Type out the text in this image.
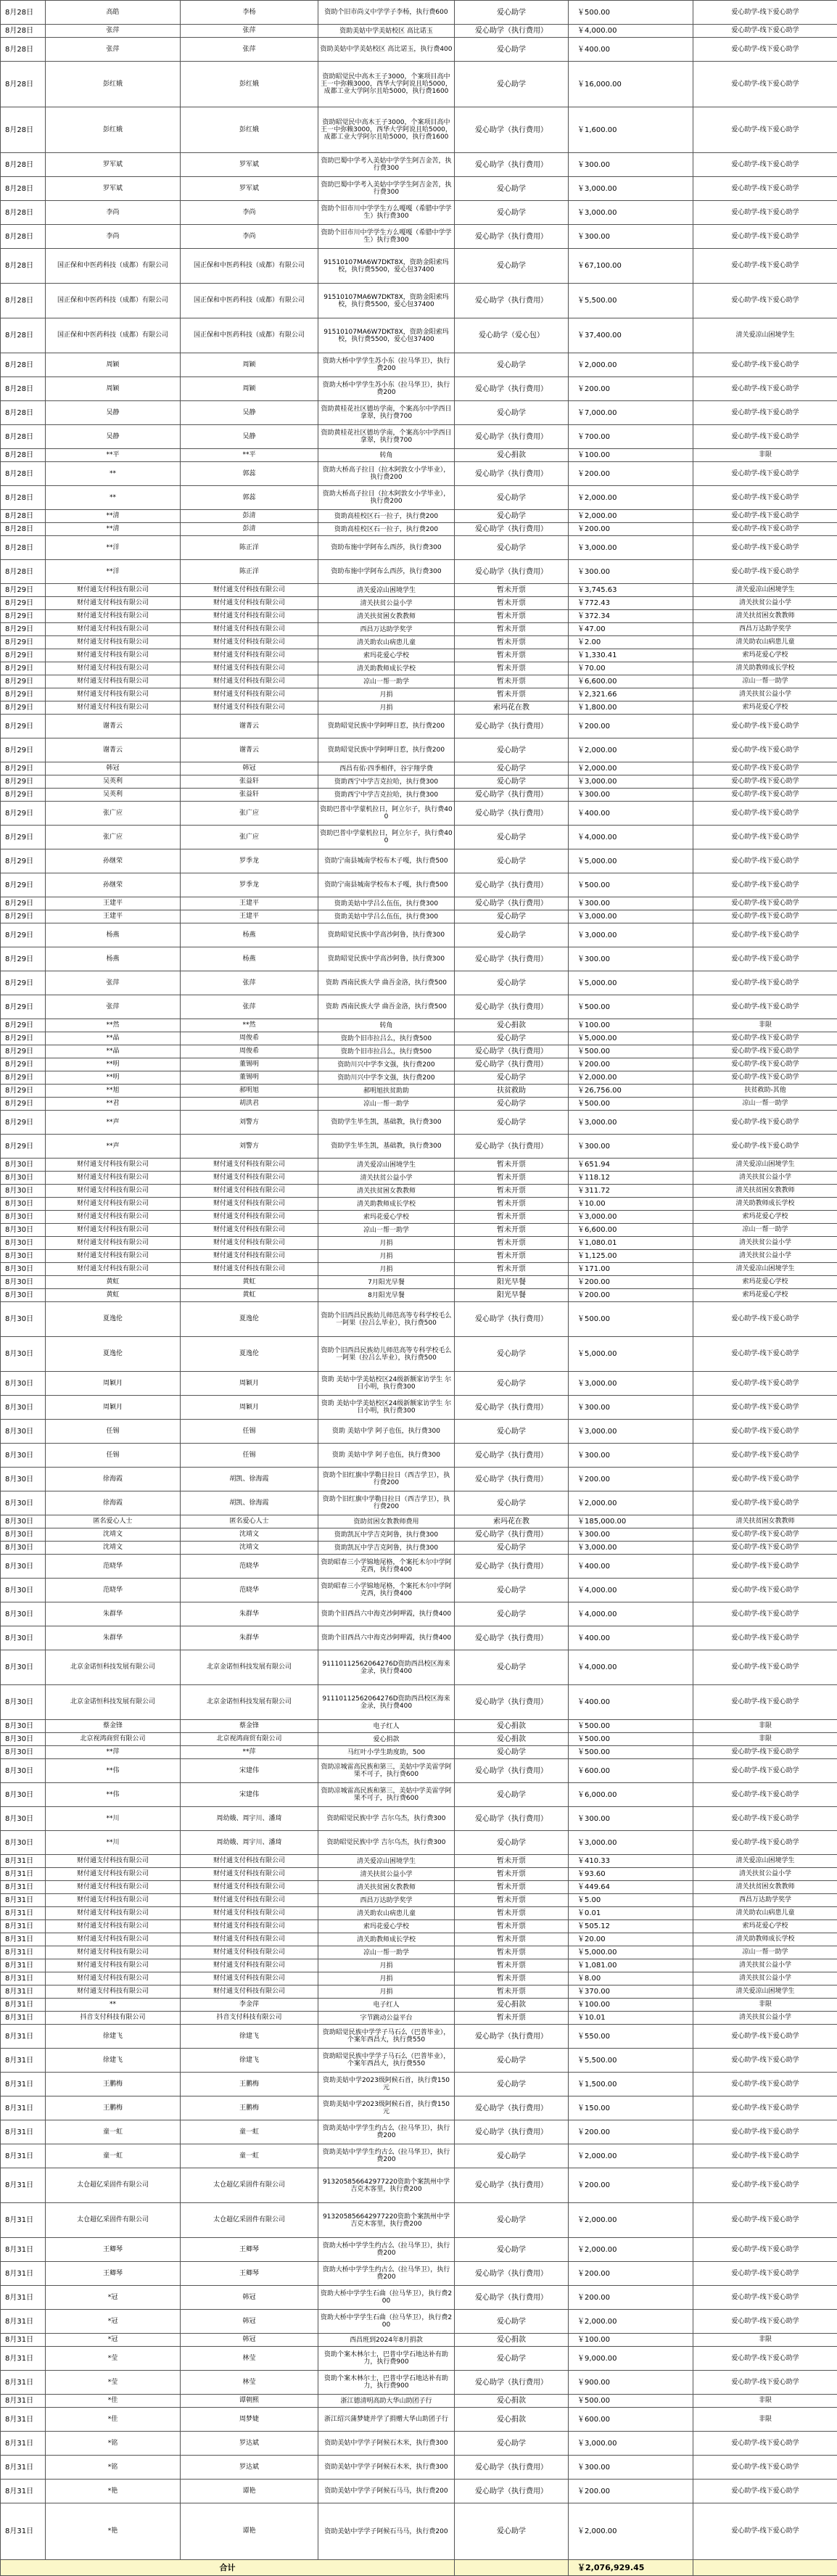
8月28日	高皓	李杨	资助个旧市尚义中学学子李杨，执行费600	爱心助学	￥500.00	爱心助学-线下爱心助学
8月28日	张萍	张萍	资助美姑中学美姑校区 高比诺玉	爱心助学（执行费用）	￥4,000.00	爱心助学-线下爱心助学
8月28日	张萍	张萍	资助美姑中学美姑校区 高比诺玉，执行费400	爱心助学	￥400.00	爱心助学-线下爱心助学
8月28日	彭红娥	彭红娥	资助昭觉民中高木王子3000，个案项目高中王一中弥赖3000，西华大学阿说且哈5000，成都工业大学阿尔且哈5000，执行费1600	爱心助学	￥16,000.00	爱心助学-线下爱心助学
8月28日	彭红娥	彭红娥	资助昭觉民中高木王子3000，个案项目高中王一中弥赖3000，西华大学阿说且哈5000，成都工业大学阿尔且哈5000，执行费1600	爱心助学（执行费用）	￥1,600.00	爱心助学-线下爱心助学
8月28日	罗军斌	罗军斌	资助巴蜀中学考入美姑中学学生阿吉金苦，执行费300	爱心助学（执行费用）	￥300.00	爱心助学-线下爱心助学
8月28日	罗军斌	罗军斌	资助巴蜀中学考入美姑中学学生阿吉金苦，执行费300	爱心助学	￥3,000.00	爱心助学-线下爱心助学
8月28日	李尚	李尚	资助个旧市川中学学生方么嘎嘎（希腊中学学生）执行费300	爱心助学	￥3,000.00	爱心助学-线下爱心助学
8月28日	李尚	李尚	资助个旧市川中学学生方么嘎嘎（希腊中学学生）执行费300	爱心助学（执行费用）	￥300.00	爱心助学-线下爱心助学
8月28日	国正保和中医药科技（成都）有限公司	国正保和中医药科技（成都）有限公司	91510107MA6W7DKT8X，资助金阳索玛校，执行费5500，爱心包37400	爱心助学	￥67,100.00	爱心助学-线下爱心助学
8月28日	国正保和中医药科技（成都）有限公司	国正保和中医药科技（成都）有限公司	91510107MA6W7DKT8X，资助金阳索玛校，执行费5500，爱心包37400	爱心助学（执行费用）	￥5,500.00	爱心助学-线下爱心助学
8月28日	国正保和中医药科技（成都）有限公司	国正保和中医药科技（成都）有限公司	91510107MA6W7DKT8X，资助金阳索玛校，执行费5500，爱心包37400	爱心助学（爱心包）	￥37,400.00	清关爱凉山困境学生
8月28日	周颖	周颖	资助大桥中学学生苏小东（拉马华卫），执行费200	爱心助学	￥2,000.00	爱心助学-线下爱心助学
8月28日	周颖	周颖	资助大桥中学学生苏小东（拉马华卫），执行费200	爱心助学（执行费用）	￥200.00	爱心助学-线下爱心助学
8月28日	吴静	吴静	资助黄桂花社区德坊学南，个案高尔中学西日拿翠，执行费700	爱心助学	￥7,000.00	爱心助学-线下爱心助学
8月28日	吴静	吴静	资助黄桂花社区德坊学南，个案高尔中学西日拿翠，执行费700	爱心助学（执行费用）	￥700.00	爱心助学-线下爱心助学
8月28日	**平	**平	转角	爱心捐款	￥100.00	非限
8月28日	**	郭蕊	资助大桥高子拉日（拉木阿敦女小学毕业），执行费200	爱心助学（执行费用）	￥200.00	爱心助学-线下爱心助学
8月28日	**	郭蕊	资助大桥高子拉日（拉木阿敦女小学毕业），执行费200	爱心助学	￥2,000.00	爱心助学-线下爱心助学
8月28日	**清	彭清	资助高桂校区石一拉子，执行费200	爱心助学	￥2,000.00	爱心助学-线下爱心助学
8月28日	**清	彭清	资助高桂校区石一拉子，执行费200	爱心助学（执行费用）	￥200.00	爱心助学-线下爱心助学
8月28日	**洋	陈正洋	资助布施中学阿布么西莎，执行费300	爱心助学	￥3,000.00	爱心助学-线下爱心助学
8月28日	**洋	陈正洋	资助布施中学阿布么西莎，执行费300	爱心助学（执行费用）	￥300.00	爱心助学-线下爱心助学
8月29日	财付通支付科技有限公司	财付通支付科技有限公司	清关爱凉山困境学生	暂未开票	￥3,745.63	清关爱凉山困境学生
8月29日	财付通支付科技有限公司	财付通支付科技有限公司	清关扶贫公益小学	暂未开票	￥772.43	清关扶贫公益小学
8月29日	财付通支付科技有限公司	财付通支付科技有限公司	清关扶贫困女教教师	暂未开票	￥372.34	清关扶贫困女教教师
8月29日	财付通支付科技有限公司	财付通支付科技有限公司	西昌万达助学奖学	暂未开票	￥47.00	西昌万达助学奖学
8月29日	财付通支付科技有限公司	财付通支付科技有限公司	清关助农山病患儿童	暂未开票	￥2.00	清关助农山病患儿童
8月29日	财付通支付科技有限公司	财付通支付科技有限公司	索玛花爱心学校	暂未开票	￥1,330.41	索玛花爱心学校
8月29日	财付通支付科技有限公司	财付通支付科技有限公司	清关助教师成长学校	暂未开票	￥70.00	清关助教师成长学校
8月29日	财付通支付科技有限公司	财付通支付科技有限公司	凉山一帮一助学	暂未开票	￥6,600.00	凉山一帮一助学
8月29日	财付通支付科技有限公司	财付通支付科技有限公司	月捐	暂未开票	￥2,321.66	清关扶贫公益小学
8月29日	财付通支付科技有限公司	财付通支付科技有限公司	月捐	索玛花在教	￥1,800.00	索玛花爱心学校
8月29日	谢菁云	谢菁云	资助昭觉民族中学阿呷日惹，执行费200	爱心助学（执行费用）	￥200.00	爱心助学-线下爱心助学
8月29日	谢菁云	谢菁云	资助昭觉民族中学阿呷日惹，执行费200	爱心助学	￥2,000.00	爱心助学-线下爱心助学
8月29日	韩冠	韩冠	西昌有佑·四季相伴，谷宇翔学费	爱心助学	￥2,000.00	爱心助学-线下爱心助学
8月29日	吴英利	张益轩	资助西宁中学吉克拉哈，执行费300	爱心助学	￥3,000.00	爱心助学-线下爱心助学
8月29日	吴英利	张益轩	资助西宁中学吉克拉哈，执行费300	爱心助学（执行费用）	￥300.00	爱心助学-线下爱心助学
8月29日	张广应	张广应	资助巴普中学蒙机拉日，阿立尔子，执行费400	爱心助学（执行费用）	￥400.00	爱心助学-线下爱心助学
8月29日	张广应	张广应	资助巴普中学蒙机拉日，阿立尔子，执行费400	爱心助学	￥4,000.00	爱心助学-线下爱心助学
8月29日	孙继荣	罗季龙	资助宁南县城南学校布木子嘎，执行费500	爱心助学	￥5,000.00	爱心助学-线下爱心助学
8月29日	孙继荣	罗季龙	资助宁南县城南学校布木子嘎，执行费500	爱心助学（执行费用）	￥500.00	爱心助学-线下爱心助学
8月29日	王建平	王建平	资助美姑中学吕么伍伍，执行费300	爱心助学（执行费用）	￥300.00	爱心助学-线下爱心助学
8月29日	王建平	王建平	资助美姑中学吕么伍伍，执行费300	爱心助学	￥3,000.00	爱心助学-线下爱心助学
8月29日	杨燕	杨燕	资助昭觉民族中学高沙阿鲁，执行费300	爱心助学	￥3,000.00	爱心助学-线下爱心助学
8月29日	杨燕	杨燕	资助昭觉民族中学高沙阿鲁，执行费300	爱心助学（执行费用）	￥300.00	爱心助学-线下爱心助学
8月29日	张萍	张萍	资助 西南民族大学 曲吾金洛，执行费500	爱心助学	￥5,000.00	爱心助学-线下爱心助学
8月29日	张萍	张萍	资助 西南民族大学 曲吾金洛，执行费500	爱心助学（执行费用）	￥500.00	爱心助学-线下爱心助学
8月29日	**然	**然	转角	爱心捐款	￥100.00	非限
8月29日	**晶	周俊希	资助个旧市拉吕么，执行费500	爱心助学	￥5,000.00	爱心助学-线下爱心助学
8月29日	**晶	周俊希	资助个旧市拉吕么，执行费500	爱心助学（执行费用）	￥500.00	爱心助学-线下爱心助学
8月29日	**明	董锡明	资助川兴中学李文强，执行费200	爱心助学（执行费用）	￥200.00	爱心助学-线下爱心助学
8月29日	**明	董锡明	资助川兴中学李文强，执行费200	爱心助学	￥2,000.00	爱心助学-线下爱心助学
8月29日	**旭	郝明旭	郝明旭扶贫助助	扶贫救助	￥26,756.00	扶贫救助-其他
8月29日	**君	胡洪君	凉山一帮一助学	爱心助学	￥500.00	凉山一帮一助学
8月29日	**声	刘警方	资助学生毕生凯，基础教，执行费300	爱心助学	￥3,000.00	爱心助学-线下爱心助学
8月29日	**声	刘警方	资助学生毕生凯，基础教，执行费300	爱心助学（执行费用）	￥300.00	爱心助学-线下爱心助学
8月30日	财付通支付科技有限公司	财付通支付科技有限公司	清关爱凉山困境学生	暂未开票	￥651.94	清关爱凉山困境学生
8月30日	财付通支付科技有限公司	财付通支付科技有限公司	清关扶贫公益小学	暂未开票	￥118.12	清关扶贫公益小学
8月30日	财付通支付科技有限公司	财付通支付科技有限公司	清关扶贫困女教教师	暂未开票	￥311.72	清关扶贫困女教教师
8月30日	财付通支付科技有限公司	财付通支付科技有限公司	清关助教师成长学校	暂未开票	￥10.00	清关助教师成长学校
8月30日	财付通支付科技有限公司	财付通支付科技有限公司	索玛花爱心学校	暂未开票	￥3,000.00	索玛花爱心学校
8月30日	财付通支付科技有限公司	财付通支付科技有限公司	凉山一帮一助学	暂未开票	￥6,600.00	凉山一帮一助学
8月30日	财付通支付科技有限公司	财付通支付科技有限公司	月捐	暂未开票	￥1,080.01	清关扶贫公益小学
8月30日	财付通支付科技有限公司	财付通支付科技有限公司	月捐	暂未开票	￥1,125.00	清关扶贫公益小学
8月30日	财付通支付科技有限公司	财付通支付科技有限公司	月捐	暂未开票	￥171.00	清关爱凉山困境学生
8月30日	黄虹	黄虹	7月阳光早餐	阳光早餐	￥200.00	索玛花爱心学校
8月30日	黄虹	黄虹	8月阳光早餐	阳光早餐	￥200.00	索玛花爱心学校
8月30日	夏逸伦	夏逸伦	资助个旧西昌民族幼儿师范高等专科学校毛么一阿果（拉吕么毕业），执行费500	爱心助学（执行费用）	￥500.00	爱心助学-线下爱心助学
8月30日	夏逸伦	夏逸伦	资助个旧西昌民族幼儿师范高等专科学校毛么一阿果（拉吕么毕业），执行费500	爱心助学	￥5,000.00	爱心助学-线下爱心助学
8月30日	周颖月	周颖月	资助 美姑中学美姑校区24级新额家访学生 尔日小明，执行费300	爱心助学	￥3,000.00	爱心助学-线下爱心助学
8月30日	周颖月	周颖月	资助 美姑中学美姑校区24级新额家访学生 尔日小明，执行费300	爱心助学（执行费用）	￥300.00	爱心助学-线下爱心助学
8月30日	任锡	任锡	资助 美姑中学 阿子也伍，执行费300	爱心助学	￥3,000.00	爱心助学-线下爱心助学
8月30日	任锡	任锡	资助 美姑中学 阿子也伍，执行费300	爱心助学（执行费用）	￥300.00	爱心助学-线下爱心助学
8月30日	徐海霞	胡凯、徐海霞	资助个旧红旗中学勒日拉日（西吉学卫），执行费200	爱心助学（执行费用）	￥200.00	爱心助学-线下爱心助学
8月30日	徐海霞	胡凯、徐海霞	资助个旧红旗中学勒日拉日（西吉学卫），执行费200	爱心助学	￥2,000.00	爱心助学-线下爱心助学
8月30日	匿名爱心人士	匿名爱心人士	资助贫困女教教师费用	索玛花在教	￥185,000.00	清关扶贫困女教教师
8月30日	沈靖文	沈靖文	资助凯瓦中学吉克阿鲁，执行费300	爱心助学（执行费用）	￥300.00	爱心助学-线下爱心助学
8月30日	沈靖文	沈靖文	资助凯瓦中学吉克阿鲁，执行费300	爱心助学	￥3,000.00	爱心助学-线下爱心助学
8月30日	范晓华	范晓华	资助昭春三小学锦地尾格，个案托木尔中学阿克西，执行费400	爱心助学（执行费用）	￥400.00	爱心助学-线下爱心助学
8月30日	范晓华	范晓华	资助昭春三小学锦地尾格，个案托木尔中学阿克西，执行费400	爱心助学	￥4,000.00	爱心助学-线下爱心助学
8月30日	朱群华	朱群华	资助个旧西昌六中海克沙阿呷霞，执行费400	爱心助学	￥4,000.00	爱心助学-线下爱心助学
8月30日	朱群华	朱群华	资助个旧西昌六中海克沙阿呷霞，执行费400	爱心助学（执行费用）	￥400.00	爱心助学-线下爱心助学
8月30日	北京金诺恒科技发展有限公司	北京金诺恒科技发展有限公司	91110112562064276D资助西昌校区海来金录，执行费400	爱心助学	￥4,000.00	爱心助学-线下爱心助学
8月30日	北京金诺恒科技发展有限公司	北京金诺恒科技发展有限公司	91110112562064276D资助西昌校区海来金录，执行费400	爱心助学（执行费用）	￥400.00	爱心助学-线下爱心助学
8月30日	蔡金锋	蔡金锋	电子红人	爱心捐款	￥500.00	非限
8月30日	北京视鸿商贸有限公司	北京视鸿商贸有限公司	爱心捐款	爱心捐款	￥500.00	非限
8月30日	**萍	**萍	马红叶小学生助度助，500	爱心助学	￥500.00	爱心助学-线下爱心助学
8月30日	**伟	宋建伟	资助凉城雷高民族和第三，美姑中学美雷学阿果不可子，执行费600	爱心助学（执行费用）	￥600.00	爱心助学-线下爱心助学
8月30日	**伟	宋建伟	资助凉城雷高民族和第三，美姑中学美雷学阿果不可子，执行费600	爱心助学	￥6,000.00	爱心助学-线下爱心助学
8月30日	**川	周幼娥、周宇川、潘琦	资助昭觉民族中学 吉尔乌杰，执行费300	爱心助学（执行费用）	￥300.00	爱心助学-线下爱心助学
8月30日	**川	周幼娥、周宇川、潘琦	资助昭觉民族中学 吉尔乌杰，执行费300	爱心助学	￥3,000.00	爱心助学-线下爱心助学
8月31日	财付通支付科技有限公司	财付通支付科技有限公司	清关爱凉山困境学生	暂未开票	￥410.33	清关爱凉山困境学生
8月31日	财付通支付科技有限公司	财付通支付科技有限公司	清关扶贫公益小学	暂未开票	￥93.60	清关扶贫公益小学
8月31日	财付通支付科技有限公司	财付通支付科技有限公司	清关扶贫困女教教师	暂未开票	￥449.64	清关扶贫困女教教师
8月31日	财付通支付科技有限公司	财付通支付科技有限公司	西昌万达助学奖学	暂未开票	￥5.00	西昌万达助学奖学
8月31日	财付通支付科技有限公司	财付通支付科技有限公司	清关助农山病患儿童	暂未开票	￥0.01	清关助农山病患儿童
8月31日	财付通支付科技有限公司	财付通支付科技有限公司	索玛花爱心学校	暂未开票	￥505.12	索玛花爱心学校
8月31日	财付通支付科技有限公司	财付通支付科技有限公司	清关助教师成长学校	暂未开票	￥20.00	清关助教师成长学校
8月31日	财付通支付科技有限公司	财付通支付科技有限公司	凉山一帮一助学	暂未开票	￥5,000.00	凉山一帮一助学
8月31日	财付通支付科技有限公司	财付通支付科技有限公司	月捐	暂未开票	￥1,081.00	清关扶贫公益小学
8月31日	财付通支付科技有限公司	财付通支付科技有限公司	月捐	暂未开票	￥8.00	清关扶贫公益小学
8月31日	财付通支付科技有限公司	财付通支付科技有限公司	月捐	暂未开票	￥370.00	清关爱凉山困境学生
8月31日	**	李金萍	电子红人	爱心捐款	￥100.00	非限
8月31日	抖音支付科技有限公司	抖音支付科技有限公司	字节跳动公益平台	暂未开票	￥10.01	清关扶贫公益小学
8月31日	徐建飞	徐建飞	资助昭觉民族中学学子马石么（巴普毕业），个案年西昌大，执行费550	爱心助学（执行费用）	￥550.00	爱心助学-线下爱心助学
8月31日	徐建飞	徐建飞	资助昭觉民族中学学子马石么（巴普毕业），个案年西昌大，执行费550	爱心助学	￥5,500.00	爱心助学-线下爱心助学
8月31日	王鹏梅	王鹏梅	资助美姑中学2023级阿候石首，执行费150元	爱心助学	￥1,500.00	爱心助学-线下爱心助学
8月31日	王鹏梅	王鹏梅	资助美姑中学2023级阿候石首，执行费150元	爱心助学（执行费用）	￥150.00	爱心助学-线下爱心助学
8月31日	童一虹	童一虹	资助美姑中学学生约古么（拉马华卫），执行费200	爱心助学（执行费用）	￥200.00	爱心助学-线下爱心助学
8月31日	童一虹	童一虹	资助美姑中学学生约古么（拉马华卫），执行费200	爱心助学	￥2,000.00	爱心助学-线下爱心助学
8月31日	太仓超亿采固件有限公司	太仓超亿采固件有限公司	913205856642977220资助个案凯州中学吉克木客里，执行费200	爱心助学（执行费用）	￥200.00	爱心助学-线下爱心助学
8月31日	太仓超亿采固件有限公司	太仓超亿采固件有限公司	913205856642977220资助个案凯州中学吉克木客里，执行费200	爱心助学	￥2,000.00	爱心助学-线下爱心助学
8月31日	王卿琴	王卿琴	资助大桥中学学生约古么（拉马华卫），执行费200	爱心助学	￥2,000.00	爱心助学-线下爱心助学
8月31日	王卿琴	王卿琴	资助大桥中学学生约古么（拉马华卫），执行费200	爱心助学（执行费用）	￥200.00	爱心助学-线下爱心助学
8月31日	*冠	韩冠	资助大桥中学学生石曲（拉马华卫），执行费200	爱心助学（执行费用）	￥200.00	爱心助学-线下爱心助学
8月31日	*冠	韩冠	资助大桥中学学生石曲（拉马华卫），执行费200	爱心助学	￥2,000.00	爱心助学-线下爱心助学
8月31日	*冠	韩冠	西昌班到2024年8月捐款	爱心捐款	￥100.00	非限
8月31日	*莹	林莹	资助个案木林尔士，巴普中学石地达补有助力，执行费900	爱心助学	￥9,000.00	爱心助学-线下爱心助学
8月31日	*莹	林莹	资助个案木林尔士，巴普中学石地达补有助力，执行费900	爱心助学（执行费用）	￥900.00	爱心助学-线下爱心助学
8月31日	*佳	谭朝熙	浙江德清明高助大华山助团子行	爱心捐款	￥500.00	非限
8月31日	*佳	周梦婕	浙江绍兴蒲梦婕并学了捐赠大华山助团子行	爱心捐款	￥600.00	非限
8月31日	*铭	罗达斌	资助美姑中学学子阿候石木米，执行费300	爱心助学	￥3,000.00	爱心助学-线下爱心助学
8月31日	*铭	罗达斌	资助美姑中学学子阿候石木米，执行费300	爱心助学（执行费用）	￥300.00	爱心助学-线下爱心助学
8月31日	*艳	谭艳	资助美姑中学学子阿候石马马，执行费200	爱心助学（执行费用）	￥200.00	爱心助学-线下爱心助学
8月31日	*艳	谭艳	资助美姑中学学子阿候石马马，执行费200	爱心助学	￥2,000.00	爱心助学-线下爱心助学
合计					￥2,076,929.45	
